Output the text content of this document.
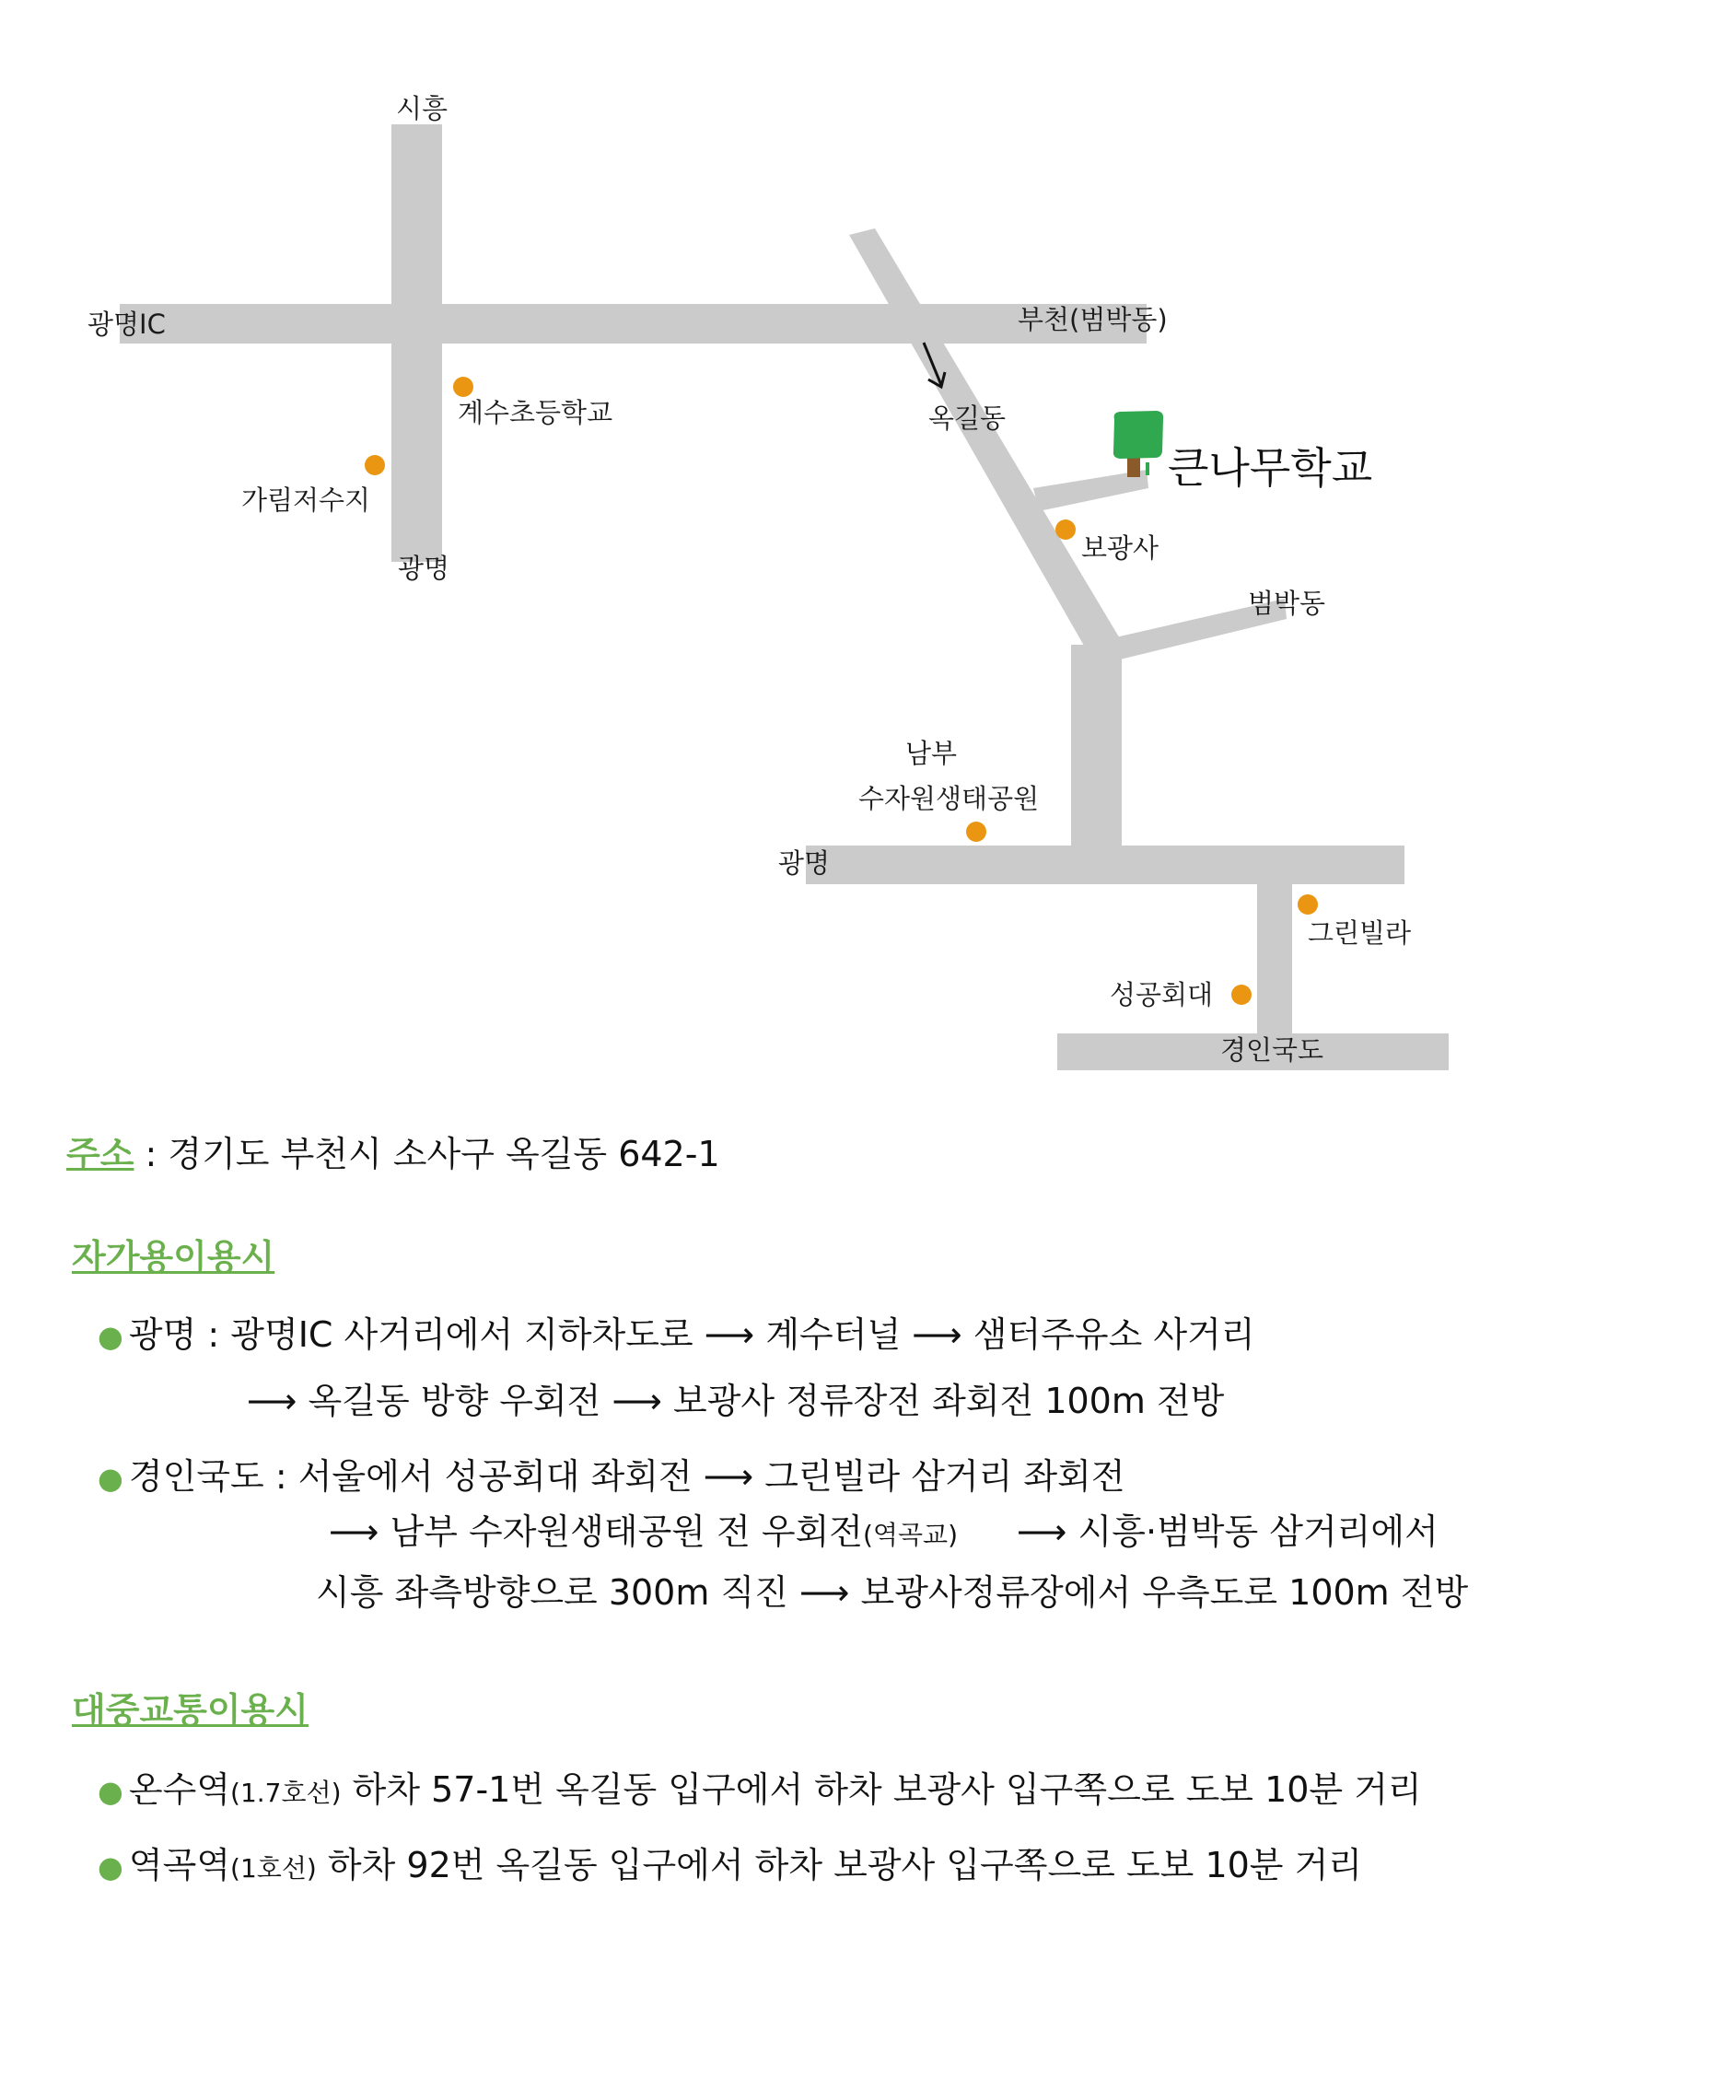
시흥
광명IC	부천(범박동)
계수초등학교
가림저수지
광명
옥길동
보광사
범박동
남부
수자원생태공원
광명
그린빌라
성공회대
경인국도
큰나무학교
주소 : 경기도 부천시 소사구 옥길동 642-1
자가용이용시
● 광명 : 광명IC 사거리에서 지하차도로 ⟶ 계수터널 ⟶ 샘터주유소 사거리
⟶ 옥길동 방향 우회전 ⟶ 보광사 정류장전 좌회전 100m 전방
● 경인국도 : 서울에서 성공회대 좌회전 ⟶ 그린빌라 삼거리 좌회전
⟶ 남부 수자원생태공원 전 우회전(역곡교) ⟶ 시흥·범박동 삼거리에서
시흥 좌측방향으로 300m 직진 ⟶ 보광사정류장에서 우측도로 100m 전방
대중교통이용시
● 온수역(1.7호선) 하차 57-1번 옥길동 입구에서 하차 보광사 입구쪽으로 도보 10분 거리
● 역곡역(1호선) 하차 92번 옥길동 입구에서 하차 보광사 입구쪽으로 도보 10분 거리
